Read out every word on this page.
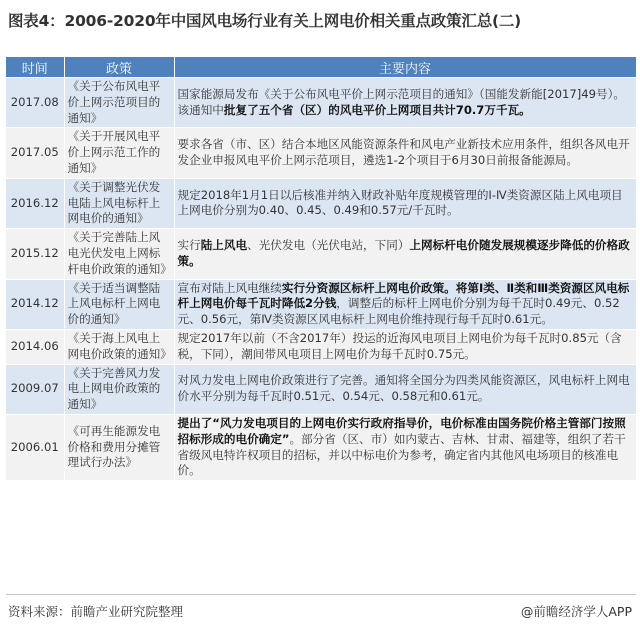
图表4：2006-2020年中国风电场行业有关上网电价相关重点政策汇总(二)
时间	政策	主要内容
2017.08	《关于公布风电平价上网示范项目的通知》	国家能源局发布《关于公布风电平价上网示范项目的通知》（国能发新能[2017]49号）。该通知中批复了五个省（区）的风电平价上网项目共计70.7万千瓦。
2017.05	《关于开展风电平价上网示范工作的通知》	要求各省（市、区）结合本地区风能资源条件和风电产业新技术应用条件，组织各风电开发企业申报风电平价上网示范项目，遴选1-2个项目于6月30日前报备能源局。
2016.12	《关于调整光伏发电陆上风电标杆上网电价的通知》	规定2018年1月1日以后核准并纳入财政补贴年度规模管理的Ⅰ-Ⅳ类资源区陆上风电项目上网电价分别为0.40、0.45、0.49和0.57元/千瓦时。
2015.12	《关于完善陆上风电光伏发电上网标杆电价政策的通知》	实行陆上风电、光伏发电（光伏电站，下同）上网标杆电价随发展规模逐步降低的价格政策。
2014.12	《关于适当调整陆上风电标杆上网电价的通知》	宣布对陆上风电继续实行分资源区标杆上网电价政策。将第Ⅰ类、Ⅱ类和Ⅲ类资源区风电标杆上网电价每千瓦时降低2分钱，调整后的标杆上网电价分别为每千瓦时0.49元、0.52元、0.56元，第Ⅳ类资源区风电标杆上网电价维持现行每千瓦时0.61元。
2014.06	《关于海上风电上网电价政策的通知》	规定2017年以前（不含2017年）投运的近海风电项目上网电价为每千瓦时0.85元（含税，下同），潮间带风电项目上网电价为每千瓦时0.75元。
2009.07	《关于完善风力发电上网电价政策的通知》	对风力发电上网电价政策进行了完善。通知将全国分为四类风能资源区，风电标杆上网电价水平分别为每千瓦时0.51元、0.54元、0.58元和0.61元。
2006.01	《可再生能源发电价格和费用分摊管理试行办法》	提出了“风力发电项目的上网电价实行政府指导价，电价标准由国务院价格主管部门按照招标形成的电价确定”。部分省（区、市）如内蒙古、吉林、甘肃、福建等，组织了若干省级风电特许权项目的招标，并以中标电价为参考，确定省内其他风电场项目的核准电价。
资料来源：前瞻产业研究院整理	@前瞻经济学人APP
